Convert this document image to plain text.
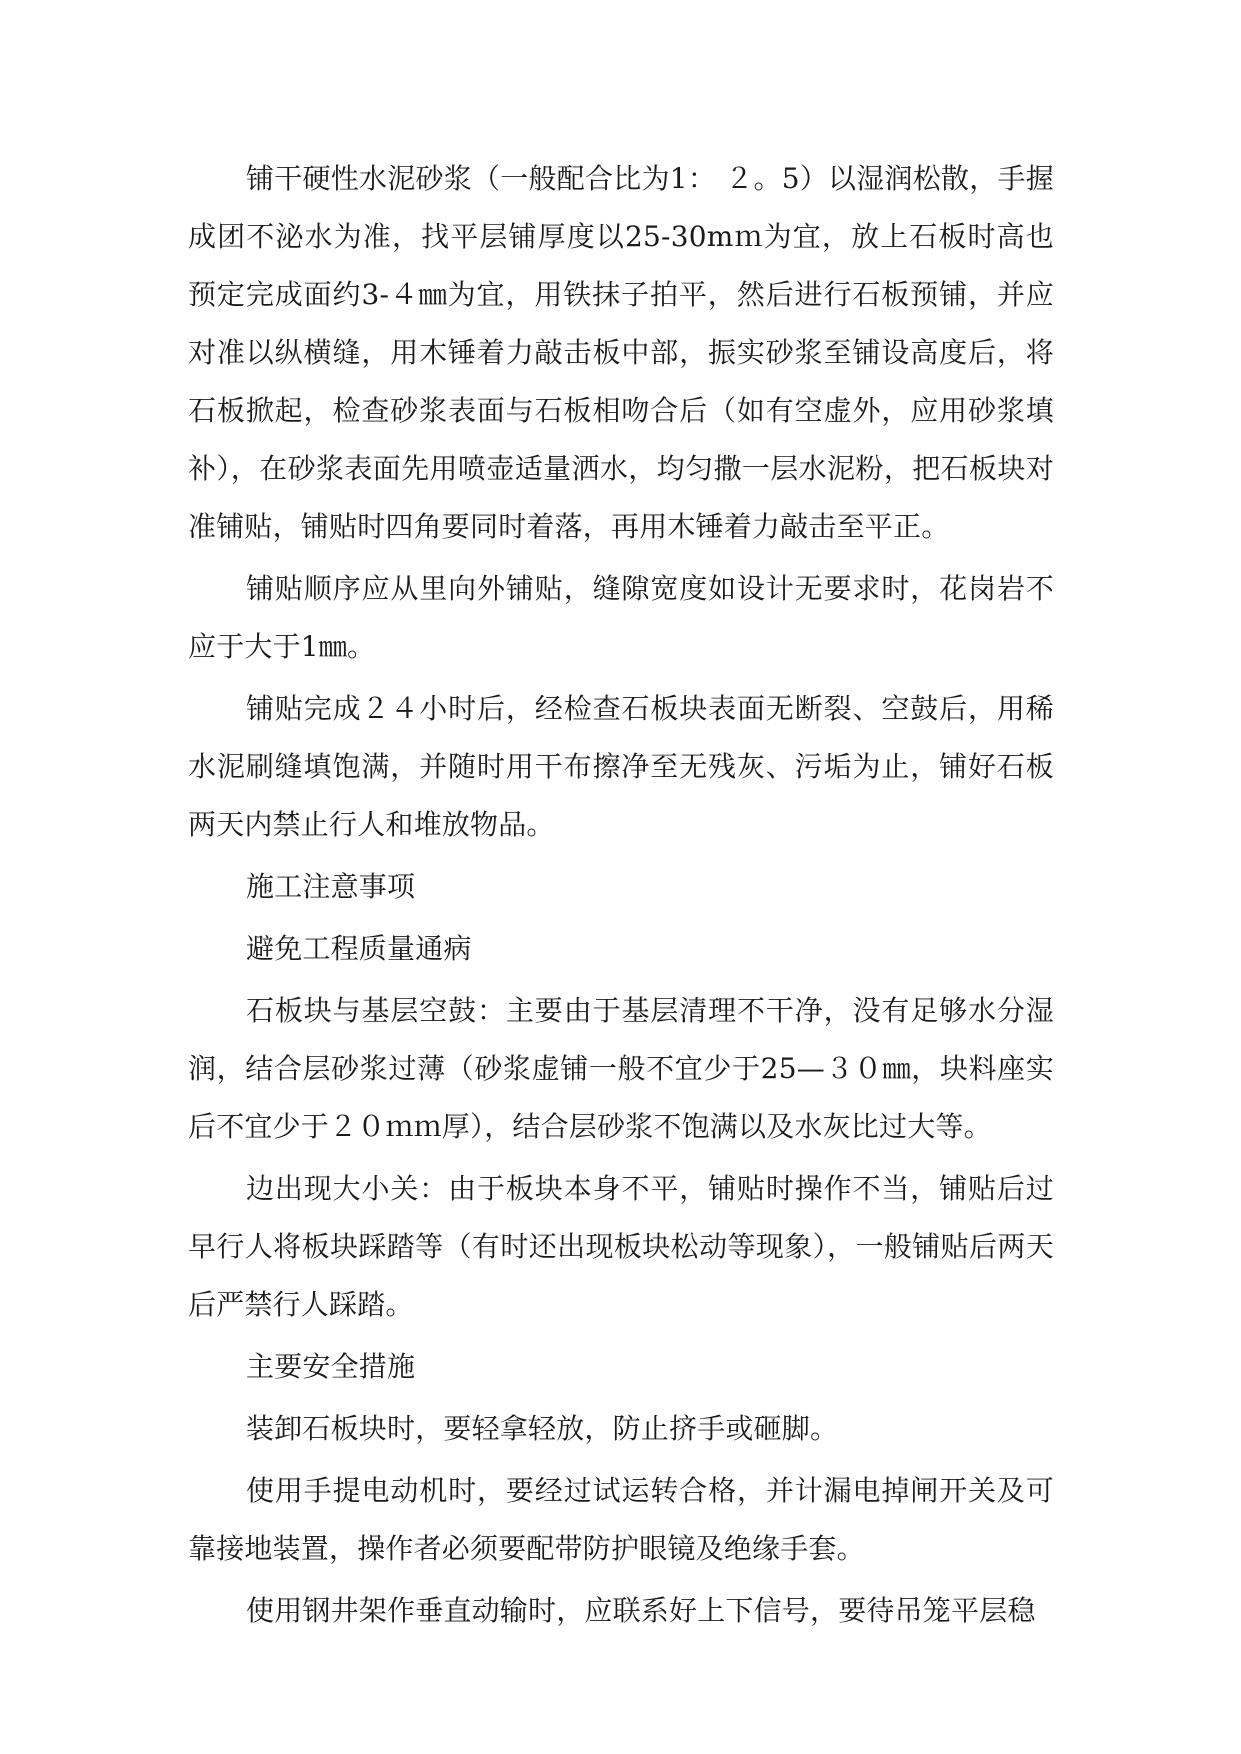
铺干硬性水泥砂浆（一般配合比为1： ２。5）以湿润松散，手握成团不泌水为准，找平层铺厚度以25-30mｍ为宜，放上石板时高也预定完成面约3-４㎜为宜，用铁抹子拍平，然后进行石板预铺，并应对准以纵横缝，用木锤着力敲击板中部，振实砂浆至铺设高度后，将石板掀起，检查砂浆表面与石板相吻合后（如有空虚外，应用砂浆填补），在砂浆表面先用喷壶适量洒水，均匀撒一层水泥粉，把石板块对准铺贴，铺贴时四角要同时着落，再用木锤着力敲击至平正。

铺贴顺序应从里向外铺贴，缝隙宽度如设计无要求时，花岗岩不应于大于1㎜。

铺贴完成２４小时后，经检查石板块表面无断裂、空鼓后，用稀水泥刷缝填饱满，并随时用干布擦净至无残灰、污垢为止，铺好石板两天内禁止行人和堆放物品。

施工注意事项

避免工程质量通病

石板块与基层空鼓：主要由于基层清理不干净，没有足够水分湿润，结合层砂浆过薄（砂浆虚铺一般不宜少于25—３０㎜，块料座实后不宜少于２０ｍｍ厚），结合层砂浆不饱满以及水灰比过大等。

边出现大小关：由于板块本身不平，铺贴时操作不当，铺贴后过早行人将板块踩踏等（有时还出现板块松动等现象），一般铺贴后两天后严禁行人踩踏。

主要安全措施

装卸石板块时，要轻拿轻放，防止挤手或砸脚。

使用手提电动机时，要经过试运转合格，并计漏电掉闸开关及可靠接地装置，操作者必须要配带防护眼镜及绝缘手套。

使用钢井架作垂直动输时，应联系好上下信号，要待吊笼平层稳
